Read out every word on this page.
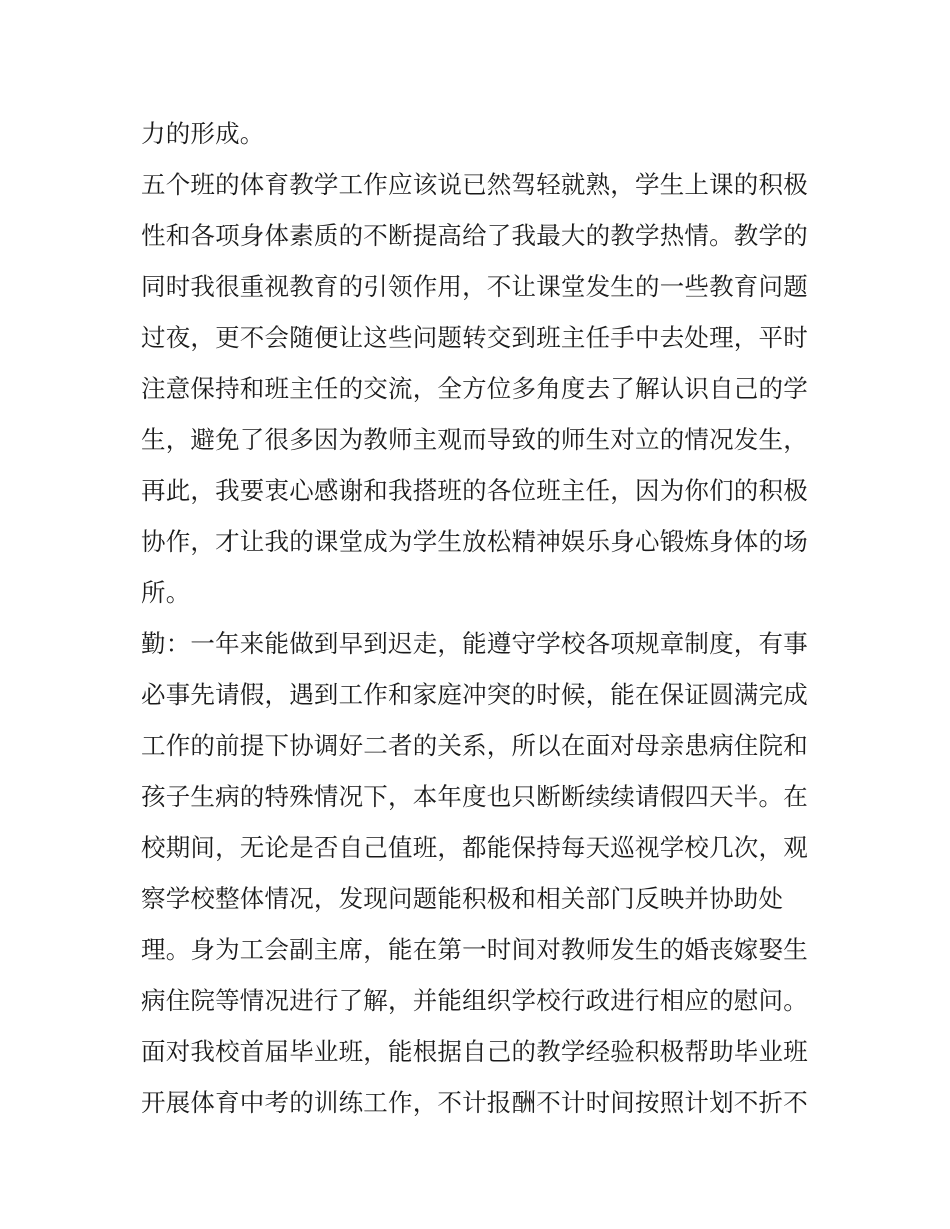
力的形成。
五个班的体育教学工作应该说已然驾轻就熟，学生上课的积极
性和各项身体素质的不断提高给了我最大的教学热情。教学的
同时我很重视教育的引领作用，不让课堂发生的一些教育问题
过夜，更不会随便让这些问题转交到班主任手中去处理，平时
注意保持和班主任的交流，全方位多角度去了解认识自己的学
生，避免了很多因为教师主观而导致的师生对立的情况发生，
再此，我要衷心感谢和我搭班的各位班主任，因为你们的积极
协作，才让我的课堂成为学生放松精神娱乐身心锻炼身体的场
所。
勤：一年来能做到早到迟走，能遵守学校各项规章制度，有事
必事先请假，遇到工作和家庭冲突的时候，能在保证圆满完成
工作的前提下协调好二者的关系，所以在面对母亲患病住院和
孩子生病的特殊情况下，本年度也只断断续续请假四天半。在
校期间，无论是否自己值班，都能保持每天巡视学校几次，观
察学校整体情况，发现问题能积极和相关部门反映并协助处
理。身为工会副主席，能在第一时间对教师发生的婚丧嫁娶生
病住院等情况进行了解，并能组织学校行政进行相应的慰问。
面对我校首届毕业班，能根据自己的教学经验积极帮助毕业班
开展体育中考的训练工作，不计报酬不计时间按照计划不折不
